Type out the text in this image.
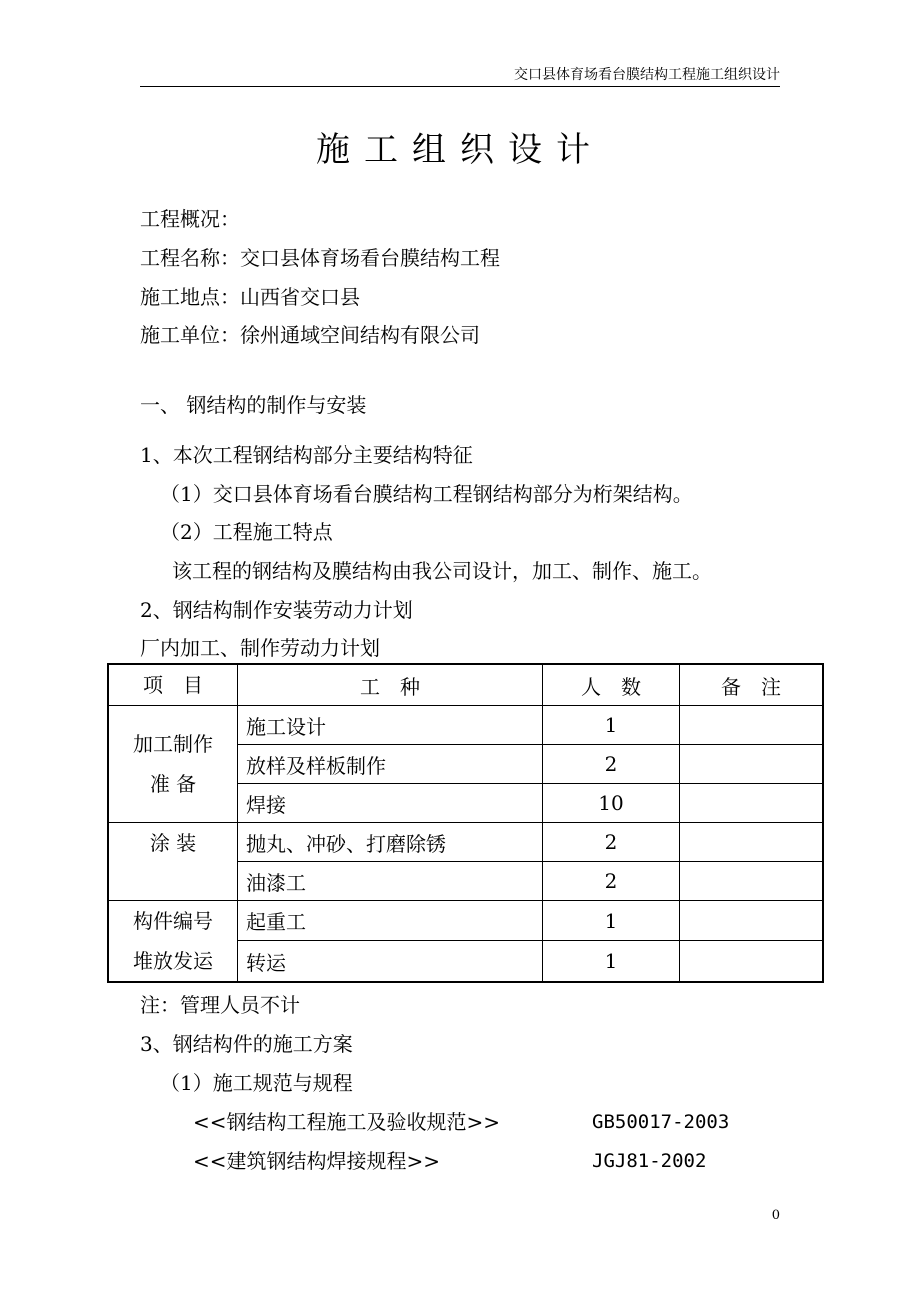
交口县体育场看台膜结构工程施工组织设计
施工组织设计
工程概况：
工程名称：交口县体育场看台膜结构工程
施工地点：山西省交口县
施工单位：徐州通域空间结构有限公司
一、 钢结构的制作与安装
1、本次工程钢结构部分主要结构特征
（1）交口县体育场看台膜结构工程钢结构部分为桁架结构。
（2）工程施工特点
该工程的钢结构及膜结构由我公司设计，加工、制作、施工。
2、钢结构制作安装劳动力计划
厂内加工、制作劳动力计划
项　目	工　种	人　数	备　注

加工制作
准 备	施工设计	1	
	放样及样板制作	2	
	焊接	10	

涂 装	抛丸、冲砂、打磨除锈	2	
	油漆工	2	

构件编号
堆放发运	起重工	1	
	转运	1	
注：管理人员不计
3、钢结构件的施工方案
（1）施工规范与规程
<<钢结构工程施工及验收规范>>	GB50017-2003
<<建筑钢结构焊接规程>>	JGJ81-2002
0
